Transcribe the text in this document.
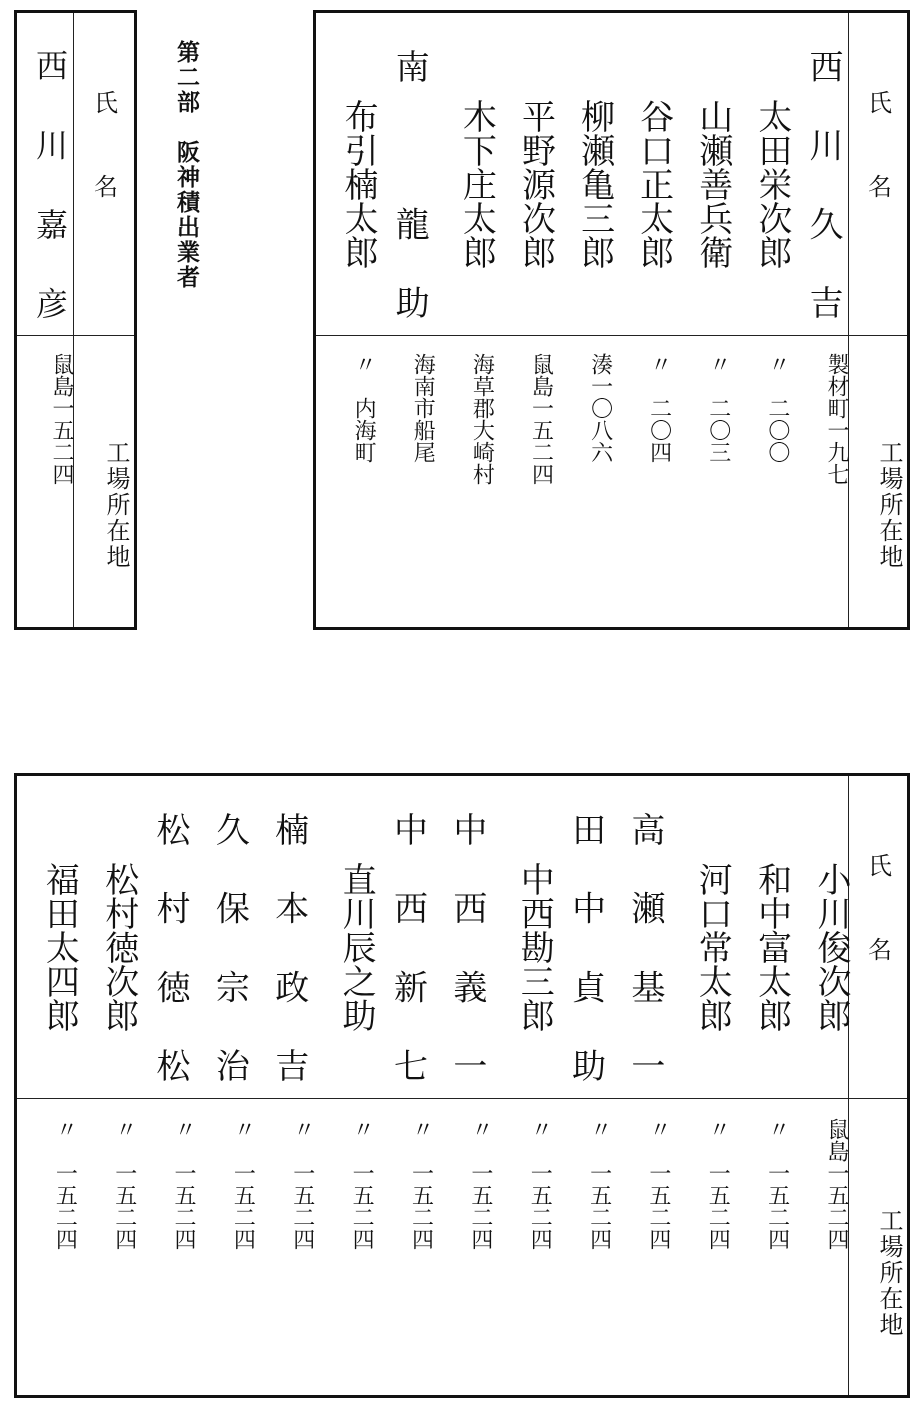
氏名
工場所在地
西川久吉
製材町一九七
太田栄次郎
〃　二〇〇
山瀬善兵衛
〃　二〇三
谷口正太郎
〃　二〇四
柳瀬亀三郎
湊一〇八六
平野源次郎
鼠島一五二四
木下庄太郎
海草郡大崎村
南　龍助
海南市船尾
布引楠太郎
〃　内海町
第二部　阪神積出業者
氏名
工場所在地
西川嘉彦
鼠島一五二四
氏名
工場所在地
小川俊次郎
鼠島一五二四
和中富太郎
〃　一五二四
河口常太郎
〃　一五二四
高瀬基一
〃　一五二四
田中貞助
〃　一五二四
中西勘三郎
〃　一五二四
中西義一
〃　一五二四
中西新七
〃　一五二四
直川辰之助
〃　一五二四
楠本政吉
〃　一五二四
久保宗治
〃　一五二四
松村徳松
〃　一五二四
松村徳次郎
〃　一五二四
福田太四郎
〃　一五二四
